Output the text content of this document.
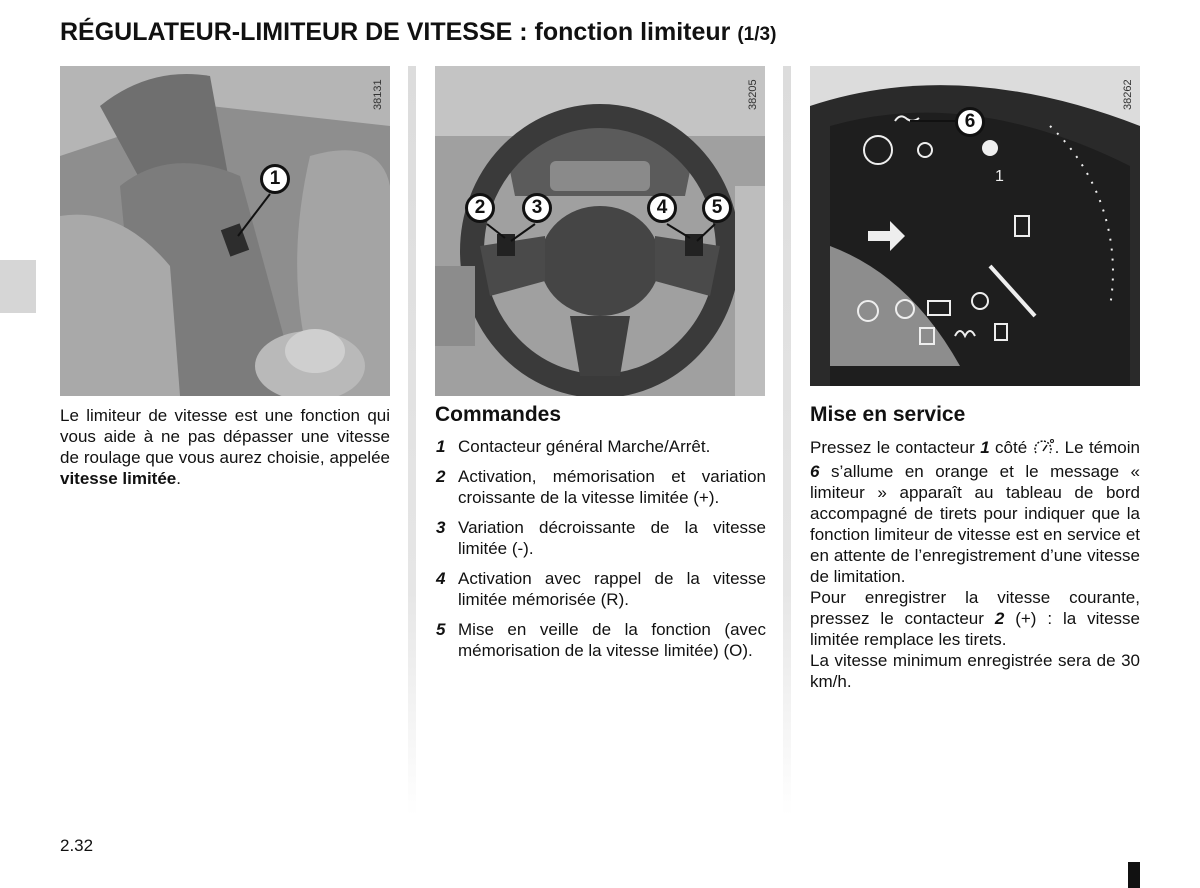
RÉGULATEUR-LIMITEUR DE VITESSE : fonction limiteur (1/3)
38131
1
38205
2	3	4	5
1
38262
6

Le limiteur de vitesse est une fonction qui vous aide à ne pas dépasser une vitesse de roulage que vous aurez choisie, appelée vitesse limitée.

Commandes
1 Contacteur général Marche/Arrêt.
2 Activation, mémorisation et variation croissante de la vitesse limitée (+).
3 Variation décroissante de la vitesse limitée (-).
4 Activation avec rappel de la vitesse limitée mémorisée (R).
5 Mise en veille de la fonction (avec mémorisation de la vitesse limitée) (O).
Mise en service
Pressez le contacteur 1 côté . Le témoin 6 s’allume en orange et le message « limiteur » apparaît au tableau de bord accompagné de tirets pour indiquer que la fonction limiteur de vitesse est en service et en attente de l’enregistrement d’une vitesse de limitation.
Pour enregistrer la vitesse courante, pressez le contacteur 2 (+) : la vitesse limitée remplace les tirets.
La vitesse minimum enregistrée sera de 30 km/h.
2.32
